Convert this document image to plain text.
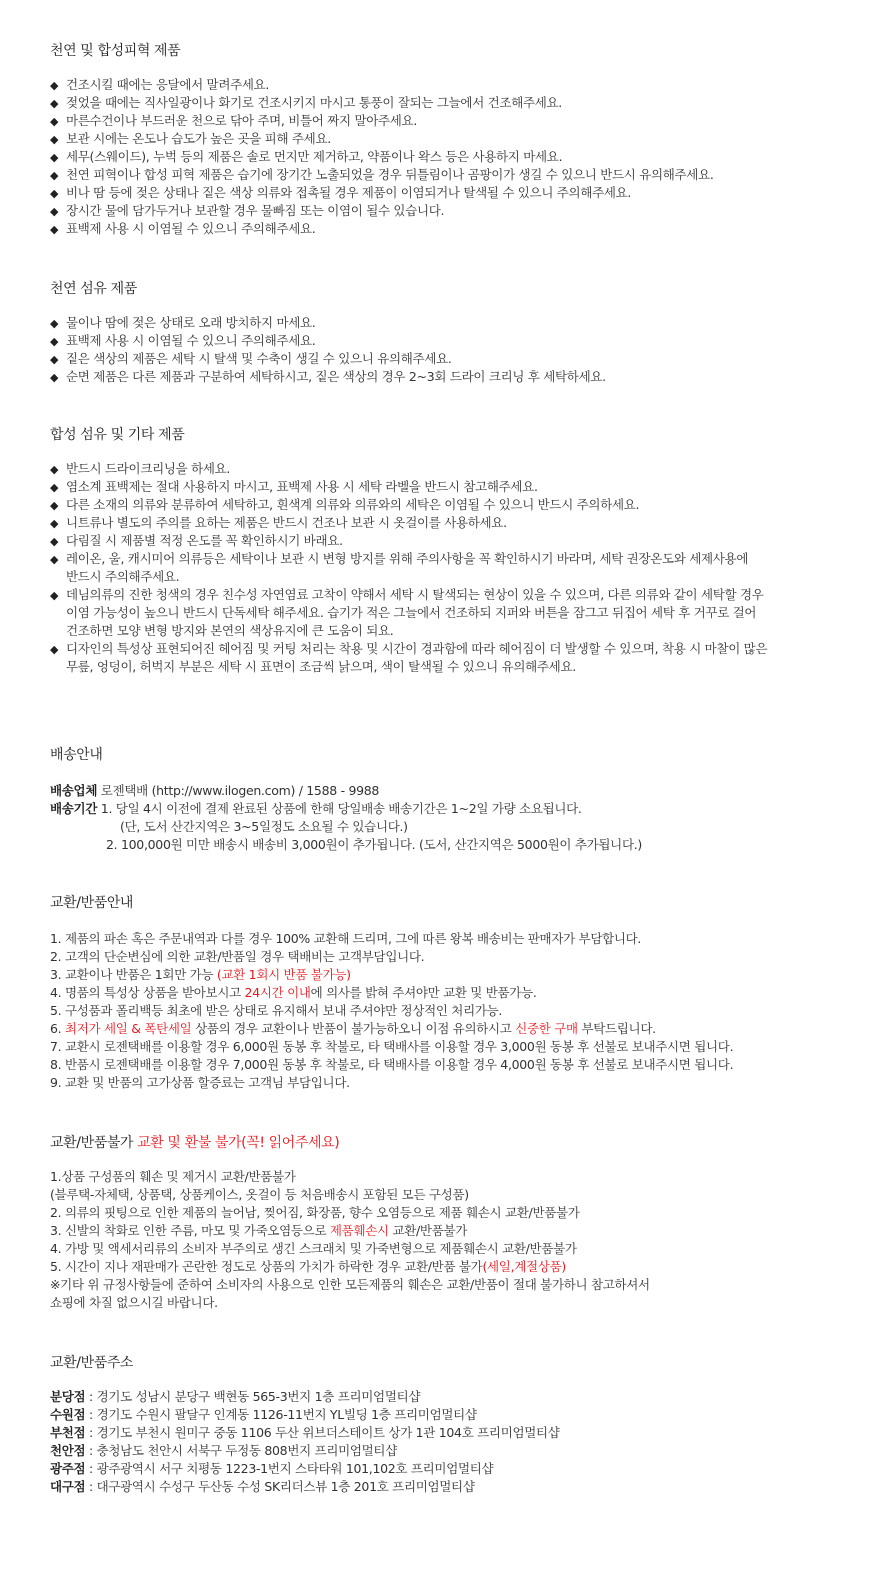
천연 및 합성피혁 제품
◆ 건조시킬 때에는 응달에서 말려주세요.
◆ 젖었을 때에는 직사일광이나 화기로 건조시키지 마시고 통풍이 잘되는 그늘에서 건조해주세요.
◆ 마른수건이나 부드러운 천으로 닦아 주며, 비틀어 짜지 말아주세요.
◆ 보관 시에는 온도나 습도가 높은 곳을 피해 주세요.
◆ 세무(스웨이드), 누벅 등의 제품은 솔로 먼지만 제거하고, 약품이나 왁스 등은 사용하지 마세요.
◆ 천연 피혁이나 합성 피혁 제품은 습기에 장기간 노출되었을 경우 뒤틀림이나 곰팡이가 생길 수 있으니 반드시 유의해주세요.
◆ 비나 땀 등에 젖은 상태나 짙은 색상 의류와 접촉될 경우 제품이 이염되거나 탈색될 수 있으니 주의해주세요.
◆ 장시간 물에 담가두거나 보관할 경우 물빠짐 또는 이염이 될수 있습니다.
◆ 표백제 사용 시 이염될 수 있으니 주의해주세요.
천연 섬유 제품
◆ 물이나 땀에 젖은 상태로 오래 방치하지 마세요.
◆ 표백제 사용 시 이염될 수 있으니 주의해주세요.
◆ 짙은 색상의 제품은 세탁 시 탈색 및 수축이 생길 수 있으니 유의해주세요.
◆ 순면 제품은 다른 제품과 구분하여 세탁하시고, 짙은 색상의 경우 2~3회 드라이 크리닝 후 세탁하세요.
합성 섬유 및 기타 제품
◆ 반드시 드라이크리닝을 하세요.
◆ 염소계 표백제는 절대 사용하지 마시고, 표백제 사용 시 세탁 라벨을 반드시 참고해주세요.
◆ 다른 소재의 의류와 분류하여 세탁하고, 흰색계 의류와 의류와의 세탁은 이염될 수 있으니 반드시 주의하세요.
◆ 니트류나 별도의 주의를 요하는 제품은 반드시 건조나 보관 시 옷걸이를 사용하세요.
◆ 다림질 시 제품별 적정 온도를 꼭 확인하시기 바래요.
◆ 레이온, 울, 캐시미어 의류등은 세탁이나 보관 시 변형 방지를 위해 주의사항을 꼭 확인하시기 바라며, 세탁 권장온도와 세제사용에
반드시 주의해주세요.
◆ 데님의류의 진한 청색의 경우 친수성 자연염료 고착이 약해서 세탁 시 탈색되는 현상이 있을 수 있으며, 다른 의류와 같이 세탁할 경우
이염 가능성이 높으니 반드시 단독세탁 해주세요. 습기가 적은 그늘에서 건조하되 지퍼와 버튼을 잠그고 뒤집어 세탁 후 거꾸로 걸어
건조하면 모양 변형 방지와 본연의 색상유지에 큰 도움이 되요.
◆ 디자인의 특성상 표현되어진 헤어짐 및 커팅 처리는 착용 및 시간이 경과함에 따라 헤어짐이 더 발생할 수 있으며, 착용 시 마찰이 많은
무릎, 엉덩이, 허벅지 부분은 세탁 시 표면이 조금씩 낡으며, 색이 탈색될 수 있으니 유의해주세요.
배송안내
배송업체 로젠택배 (http://www.ilogen.com) / 1588 - 9988
배송기간 1. 당일 4시 이전에 결제 완료된 상품에 한해 당일배송 배송기간은 1~2일 가량 소요됩니다.
(단, 도서 산간지역은 3~5일정도 소요될 수 있습니다.)
2. 100,000원 미만 배송시 배송비 3,000원이 추가됩니다. (도서, 산간지역은 5000원이 추가됩니다.)
교환/반품안내
1. 제품의 파손 혹은 주문내역과 다를 경우 100% 교환해 드리며, 그에 따른 왕복 배송비는 판매자가 부담합니다.
2. 고객의 단순변심에 의한 교환/반품일 경우 택배비는 고객부담입니다.
3. 교환이나 반품은 1회만 가능 (교환 1회시 반품 불가능)
4. 명품의 특성상 상품을 받아보시고 24시간 이내에 의사를 밝혀 주셔야만 교환 및 반품가능.
5. 구성품과 폴리백등 최초에 받은 상태로 유지해서 보내 주셔야만 정상적인 처리가능.
6. 최저가 세일 & 폭탄세일 상품의 경우 교환이나 반품이 불가능하오니 이점 유의하시고 신중한 구매 부탁드립니다.
7. 교환시 로젠택배를 이용할 경우 6,000원 동봉 후 착불로, 타 택배사를 이용할 경우 3,000원 동봉 후 선불로 보내주시면 됩니다.
8. 반품시 로젠택배를 이용할 경우 7,000원 동봉 후 착불로, 타 택배사를 이용할 경우 4,000원 동봉 후 선불로 보내주시면 됩니다.
9. 교환 및 반품의 고가상품 할증료는 고객님 부담입니다.
교환/반품불가 교환 및 환불 불가(꼭! 읽어주세요)
1.상품 구성품의 훼손 및 제거시 교환/반품불가
(블루택-자체택, 상품택, 상품케이스, 옷걸이 등 처음배송시 포함된 모든 구성품)
2. 의류의 핏팅으로 인한 제품의 늘어남, 찢어짐, 화장품, 향수 오염등으로 제품 훼손시 교환/반품불가
3. 신발의 착화로 인한 주름, 마모 및 가죽오염등으로 제품훼손시 교환/반품불가
4. 가방 및 액세서리류의 소비자 부주의로 생긴 스크래치 및 가죽변형으로 제품훼손시 교환/반품불가
5. 시간이 지나 재판매가 곤란한 정도로 상품의 가치가 하락한 경우 교환/반품 불가(세일,계절상품)
※기타 위 규정사항들에 준하여 소비자의 사용으로 인한 모든제품의 훼손은 교환/반품이 절대 불가하니 참고하셔서
쇼핑에 차질 없으시길 바랍니다.
교환/반품주소
분당점 : 경기도 성남시 분당구 백현동 565-3번지 1층 프리미엄멀티샵
수원점 : 경기도 수원시 팔달구 인계동 1126-11번지 YL빌딩 1층 프리미엄멀티샵
부천점 : 경기도 부천시 원미구 중동 1106 두산 위브더스테이트 상가 1관 104호 프리미엄멀티샵
천안점 : 충청남도 천안시 서북구 두정동 808번지 프리미엄멀티샵
광주점 : 광주광역시 서구 치평동 1223-1번지 스타타워 101,102호 프리미엄멀티샵
대구점 : 대구광역시 수성구 두산동 수성 SK리더스뷰 1층 201호 프리미엄멀티샵
